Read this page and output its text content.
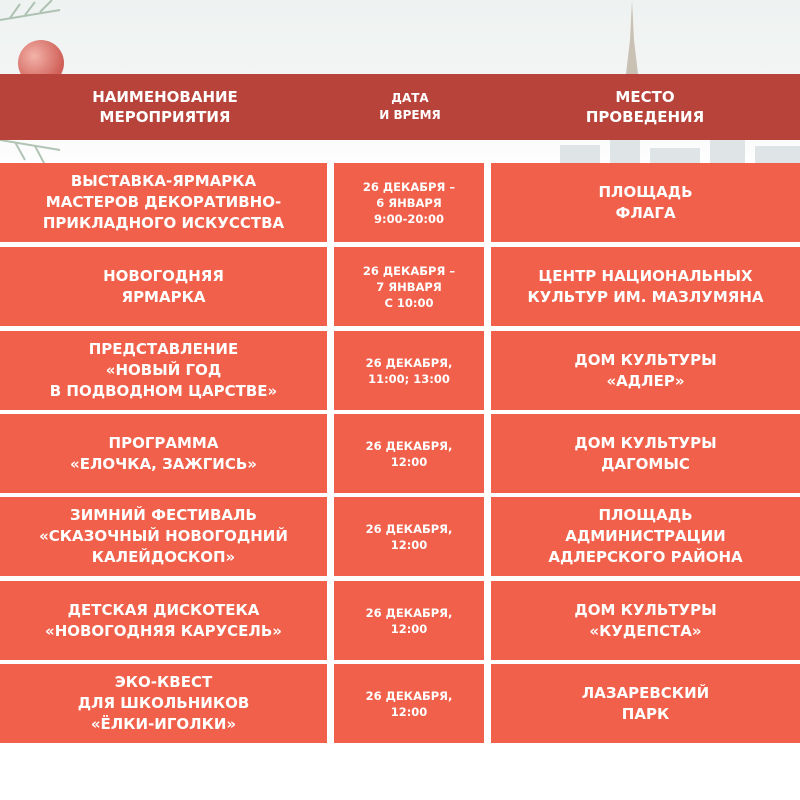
НАИМЕНОВАНИЕ
МЕРОПРИЯТИЯ
ДАТА
И ВРЕМЯ
МЕСТО
ПРОВЕДЕНИЯ
ВЫСТАВКА-ЯРМАРКА
МАСТЕРОВ ДЕКОРАТИВНО-
ПРИКЛАДНОГО ИСКУССТВА
26 ДЕКАБРЯ –
6 ЯНВАРЯ
9:00-20:00
ПЛОЩАДЬ
ФЛАГА
НОВОГОДНЯЯ
ЯРМАРКА
26 ДЕКАБРЯ –
7 ЯНВАРЯ
С 10:00
ЦЕНТР НАЦИОНАЛЬНЫХ
КУЛЬТУР ИМ. МАЗЛУМЯНА
ПРЕДСТАВЛЕНИЕ
«НОВЫЙ ГОД
В ПОДВОДНОМ ЦАРСТВЕ»
26 ДЕКАБРЯ,
11:00; 13:00
ДОМ КУЛЬТУРЫ
«АДЛЕР»
ПРОГРАММА
«ЕЛОЧКА, ЗАЖГИСЬ»
26 ДЕКАБРЯ,
12:00
ДОМ КУЛЬТУРЫ
ДАГОМЫС
ЗИМНИЙ ФЕСТИВАЛЬ
«СКАЗОЧНЫЙ НОВОГОДНИЙ
КАЛЕЙДОСКОП»
26 ДЕКАБРЯ,
12:00
ПЛОЩАДЬ
АДМИНИСТРАЦИИ
АДЛЕРСКОГО РАЙОНА
ДЕТСКАЯ ДИСКОТЕКА
«НОВОГОДНЯЯ КАРУСЕЛЬ»
26 ДЕКАБРЯ,
12:00
ДОМ КУЛЬТУРЫ
«КУДЕПСТА»
ЭКО-КВЕСТ
ДЛЯ ШКОЛЬНИКОВ
«ЁЛКИ-ИГОЛКИ»
26 ДЕКАБРЯ,
12:00
ЛАЗАРЕВСКИЙ
ПАРК
